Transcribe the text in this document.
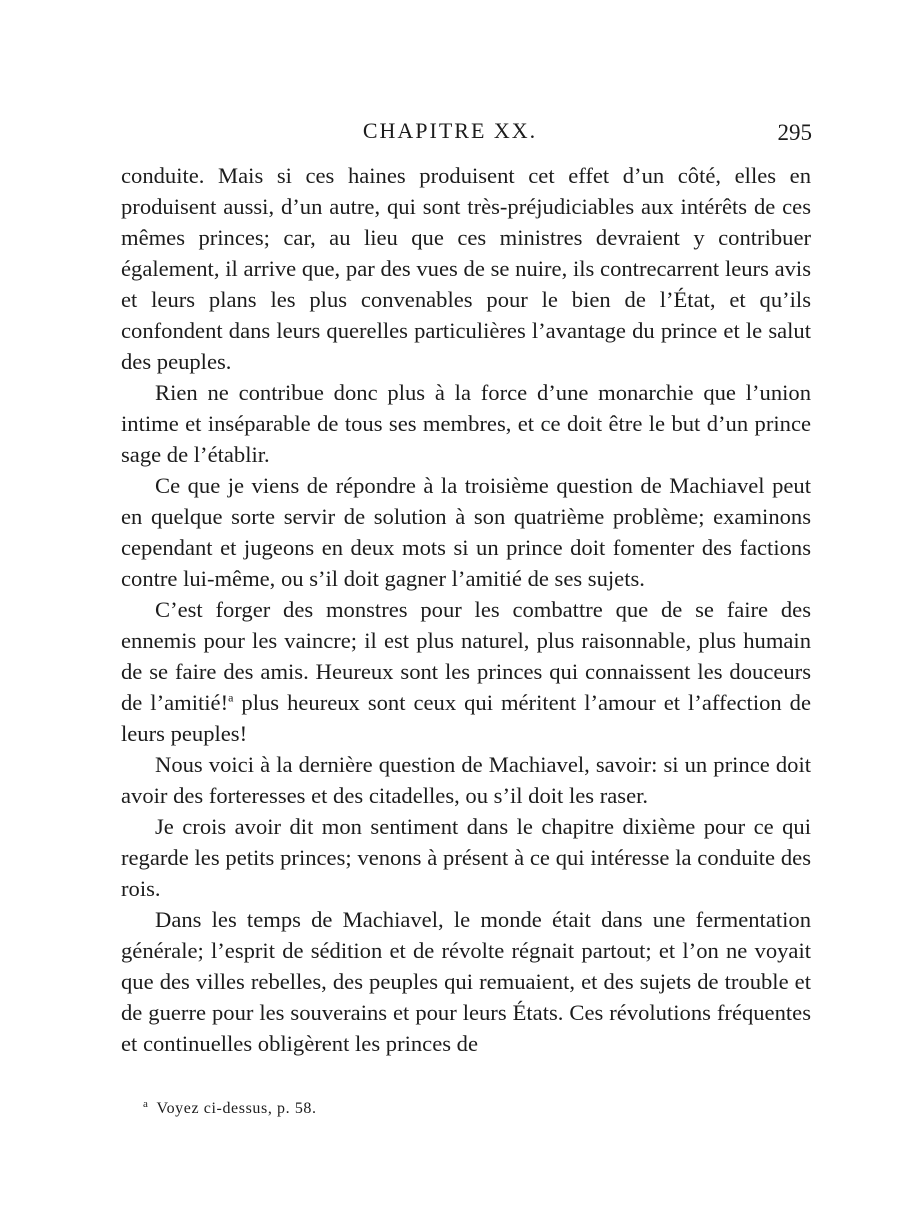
CHAPITRE XX.	295

conduite. Mais si ces haines produisent cet effet d’un côté, elles en produisent aussi, d’un autre, qui sont très-préjudiciables aux intérêts de ces mêmes princes; car, au lieu que ces ministres devraient y contribuer également, il arrive que, par des vues de se nuire, ils contrecarrent leurs avis et leurs plans les plus convenables pour le bien de l’État, et qu’ils confondent dans leurs querelles particulières l’avantage du prince et le salut des peuples.

Rien ne contribue donc plus à la force d’une monarchie que l’union intime et inséparable de tous ses membres, et ce doit être le but d’un prince sage de l’établir.

Ce que je viens de répondre à la troisième question de Machiavel peut en quelque sorte servir de solution à son quatrième problème; examinons cependant et jugeons en deux mots si un prince doit fomenter des factions contre lui-même, ou s’il doit gagner l’amitié de ses sujets.

C’est forger des monstres pour les combattre que de se faire des ennemis pour les vaincre; il est plus naturel, plus raisonnable, plus humain de se faire des amis. Heureux sont les princes qui connaissent les douceurs de l’amitié!$^a$ plus heureux sont ceux qui méritent l’amour et l’affection de leurs peuples!

Nous voici à la dernière question de Machiavel, savoir: si un prince doit avoir des forteresses et des citadelles, ou s’il doit les raser.

Je crois avoir dit mon sentiment dans le chapitre dixième pour ce qui regarde les petits princes; venons à présent à ce qui intéresse la conduite des rois.

Dans les temps de Machiavel, le monde était dans une fermentation générale; l’esprit de sédition et de révolte régnait partout; et l’on ne voyait que des villes rebelles, des peuples qui remuaient, et des sujets de trouble et de guerre pour les souverains et pour leurs États. Ces révolutions fréquentes et continuelles obligèrent les princes de

$^a$ Voyez ci-dessus, p. 58.
